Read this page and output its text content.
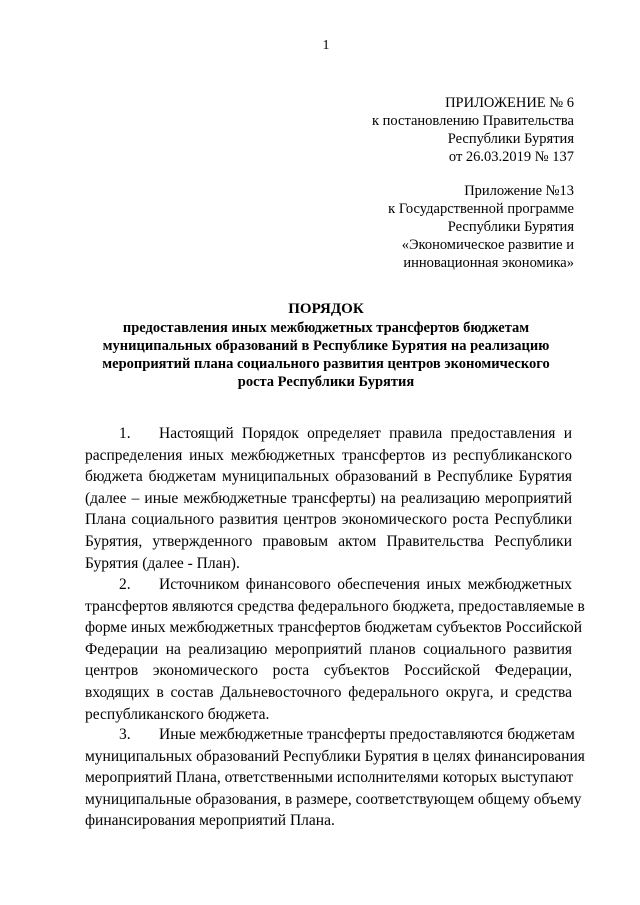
1
ПРИЛОЖЕНИЕ № 6
к постановлению Правительства
Республики Бурятия
от 26.03.2019 № 137
Приложение №13
к Государственной программе
Республики Бурятия
«Экономическое развитие и
инновационная экономика»
ПОРЯДОК
предоставления иных межбюджетных трансфертов бюджетам
муниципальных образований в Республике Бурятия на реализацию
мероприятий плана социального развития центров экономического
роста Республики Бурятия
1. Настоящий Порядок определяет правила предоставления и
распределения иных межбюджетных трансфертов из республиканского
бюджета бюджетам муниципальных образований в Республике Бурятия
(далее – иные межбюджетные трансферты) на реализацию мероприятий
Плана социального развития центров экономического роста Республики
Бурятия, утвержденного правовым актом Правительства Республики
Бурятия (далее - План).
2. Источником финансового обеспечения иных межбюджетных
трансфертов являются средства федерального бюджета, предоставляемые в
форме иных межбюджетных трансфертов бюджетам субъектов Российской
Федерации на реализацию мероприятий планов социального развития
центров экономического роста субъектов Российской Федерации,
входящих в состав Дальневосточного федерального округа, и средства
республиканского бюджета.
3. Иные межбюджетные трансферты предоставляются бюджетам
муниципальных образований Республики Бурятия в целях финансирования
мероприятий Плана, ответственными исполнителями которых выступают
муниципальные образования, в размере, соответствующем общему объему
финансирования мероприятий Плана.
